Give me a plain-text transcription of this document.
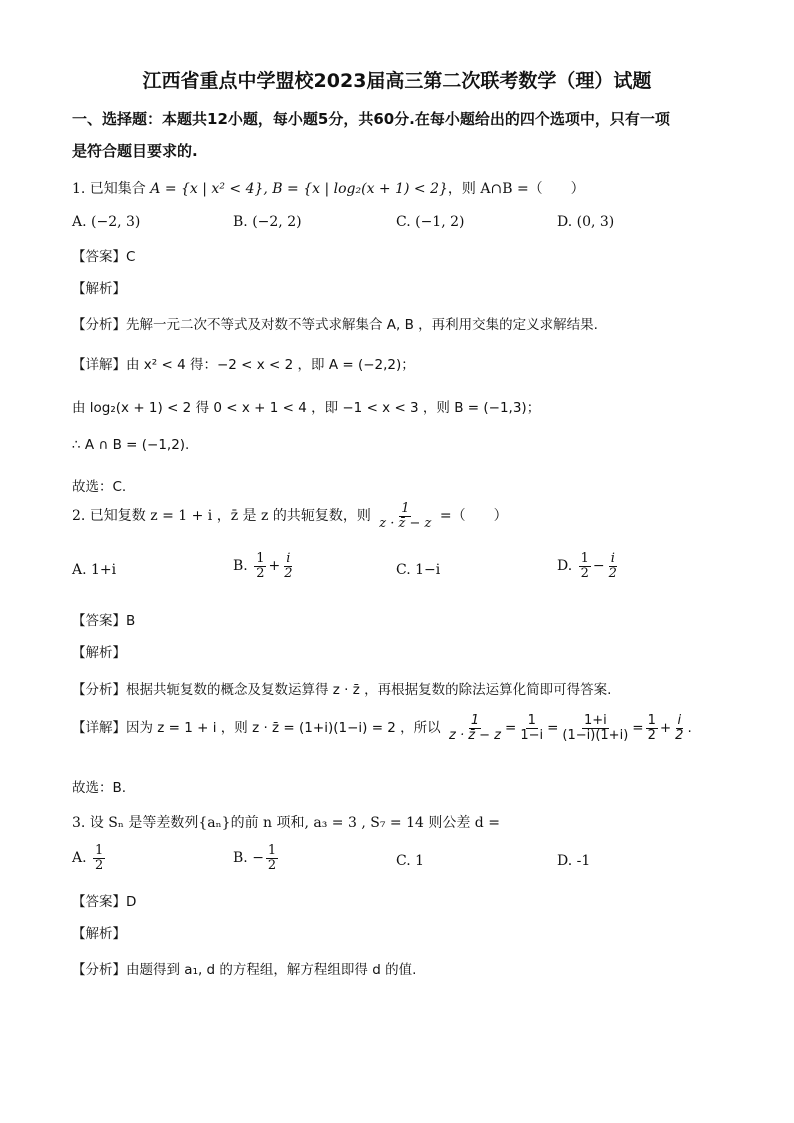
江西省重点中学盟校2023届高三第二次联考数学（理）试题
一、选择题：本题共12小题，每小题5分，共60分.在每小题给出的四个选项中，只有一项
是符合题目要求的.
1. 已知集合 A = {x | x² < 4}, B = {x | log₂(x + 1) < 2}，则 A∩B =（　　）
A. (−2, 3)	B. (−2, 2)	C. (−1, 2)	D. (0, 3)
【答案】C
【解析】
【分析】先解一元二次不等式及对数不等式求解集合 A, B ，再利用交集的定义求解结果.
【详解】由 x² < 4 得：−2 < x < 2 ，即 A = (−2,2)；
由 log₂(x + 1) < 2 得 0 < x + 1 < 4 ，即 −1 < x < 3 ，则 B = (−1,3)；
∴ A ∩ B = (−1,2).
故选：C.
2. 已知复数 z = 1 + i ，z̄ 是 z 的共轭复数，则 $\frac{1}{z \cdot z̄ - z}$ =（　　）
A. 1+i	B. $\frac{1}{2} + \frac{i}{2}$	C. 1−i	D. $\frac{1}{2} - \frac{i}{2}$
【答案】B
【解析】
【分析】根据共轭复数的概念及复数运算得 z · z̄ ，再根据复数的除法运算化简即可得答案.
【详解】因为 z = 1 + i ，则 z · z̄ = (1+i)(1−i) = 2 ，所以 $\frac{1}{z \cdot z̄ - z} = \frac{1}{1-i} = \frac{1+i}{(1-i)(1+i)} = \frac{1}{2} + \frac{i}{2}$ .
故选：B.
3. 设 Sₙ 是等差数列{aₙ}的前 n 项和, a₃ = 3 , S₇ = 14 则公差 d =
A. $\frac{1}{2}$	B. − $\frac{1}{2}$	C. 1	D. -1
【答案】D
【解析】
【分析】由题得到 a₁, d 的方程组，解方程组即得 d 的值.
